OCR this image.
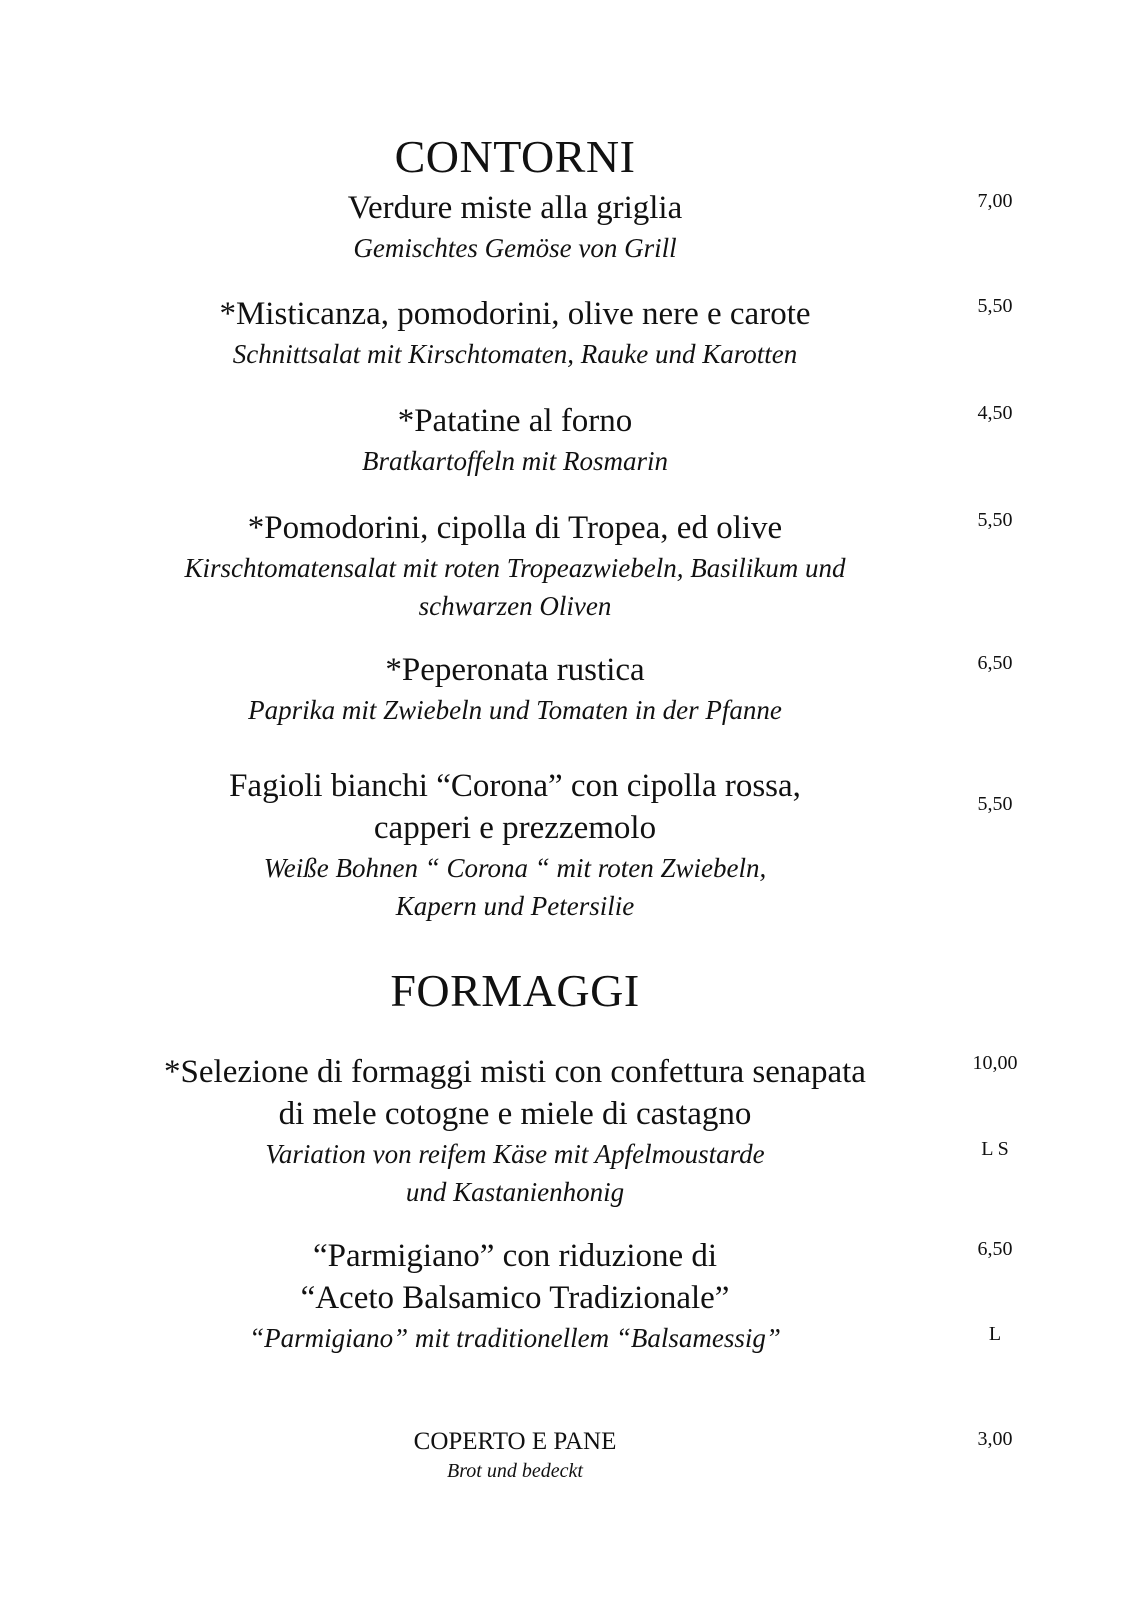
CONTORNI
Verdure miste alla griglia
Gemischtes Gemöse von Grill
7,00
*Misticanza, pomodorini, olive nere e carote
Schnittsalat mit Kirschtomaten, Rauke und Karotten
5,50
*Patatine al forno
Bratkartoffeln mit Rosmarin
4,50
*Pomodorini, cipolla di Tropea, ed olive
Kirschtomatensalat mit roten Tropeazwiebeln, Basilikum und
schwarzen Oliven
5,50
*Peperonata rustica
Paprika mit Zwiebeln und Tomaten in der Pfanne
6,50
Fagioli bianchi “Corona” con cipolla rossa,
capperi e prezzemolo
Weiße Bohnen “ Corona “ mit roten Zwiebeln,
Kapern und Petersilie
5,50
FORMAGGI
*Selezione di formaggi misti con confettura senapata
di mele cotogne e miele di castagno
Variation von reifem Käse mit Apfelmoustarde
und Kastanienhonig
10,00
L S
“Parmigiano” con riduzione di
“Aceto Balsamico Tradizionale”
“Parmigiano” mit traditionellem “Balsamessig”
6,50
L
COPERTO E PANE
Brot und bedeckt
3,00
